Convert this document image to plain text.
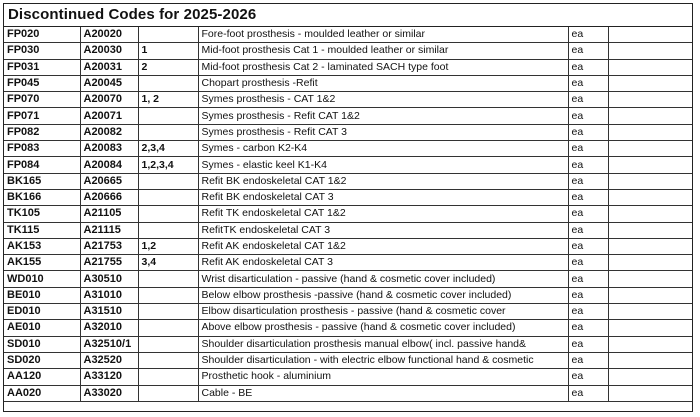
Discontinued Codes for 2025-2026
FP020	A20020		Fore-foot prosthesis - moulded leather or similar	ea	
FP030	A20030	1	Mid-foot prosthesis Cat 1 - moulded leather or similar	ea	
FP031	A20031	2	Mid-foot prosthesis Cat 2 - laminated SACH type foot	ea	
FP045	A20045		Chopart prosthesis -Refit	ea	
FP070	A20070	1, 2	Symes prosthesis - CAT 1&2	ea	
FP071	A20071		Symes prosthesis - Refit CAT 1&2	ea	
FP082	A20082		Symes prosthesis - Refit CAT 3	ea	
FP083	A20083	2,3,4	Symes - carbon K2-K4	ea	
FP084	A20084	1,2,3,4	Symes - elastic keel K1-K4	ea	
BK165	A20665		Refit BK endoskeletal CAT 1&2	ea	
BK166	A20666		Refit BK endoskeletal CAT 3	ea	
TK105	A21105		Refit TK endoskeletal CAT 1&2	ea	
TK115	A21115		RefitTK endoskeletal CAT 3	ea	
AK153	A21753	1,2	Refit AK endoskeletal CAT 1&2	ea	
AK155	A21755	3,4	Refit AK endoskeletal CAT 3	ea	
WD010	A30510		Wrist disarticulation - passive (hand & cosmetic cover included)	ea	
BE010	A31010		Below elbow prosthesis -passive (hand & cosmetic cover included)	ea	
ED010	A31510		Elbow disarticulation prosthesis - passive (hand & cosmetic cover	ea	
AE010	A32010		Above elbow prosthesis - passive (hand & cosmetic cover included)	ea	
SD010	A32510/1		Shoulder disarticulation prosthesis manual elbow( incl. passive hand&	ea	
SD020	A32520		Shoulder disarticulation - with electric elbow functional hand & cosmetic	ea	
AA120	A33120		Prosthetic hook - aluminium	ea	
AA020	A33020		Cable - BE	ea	
